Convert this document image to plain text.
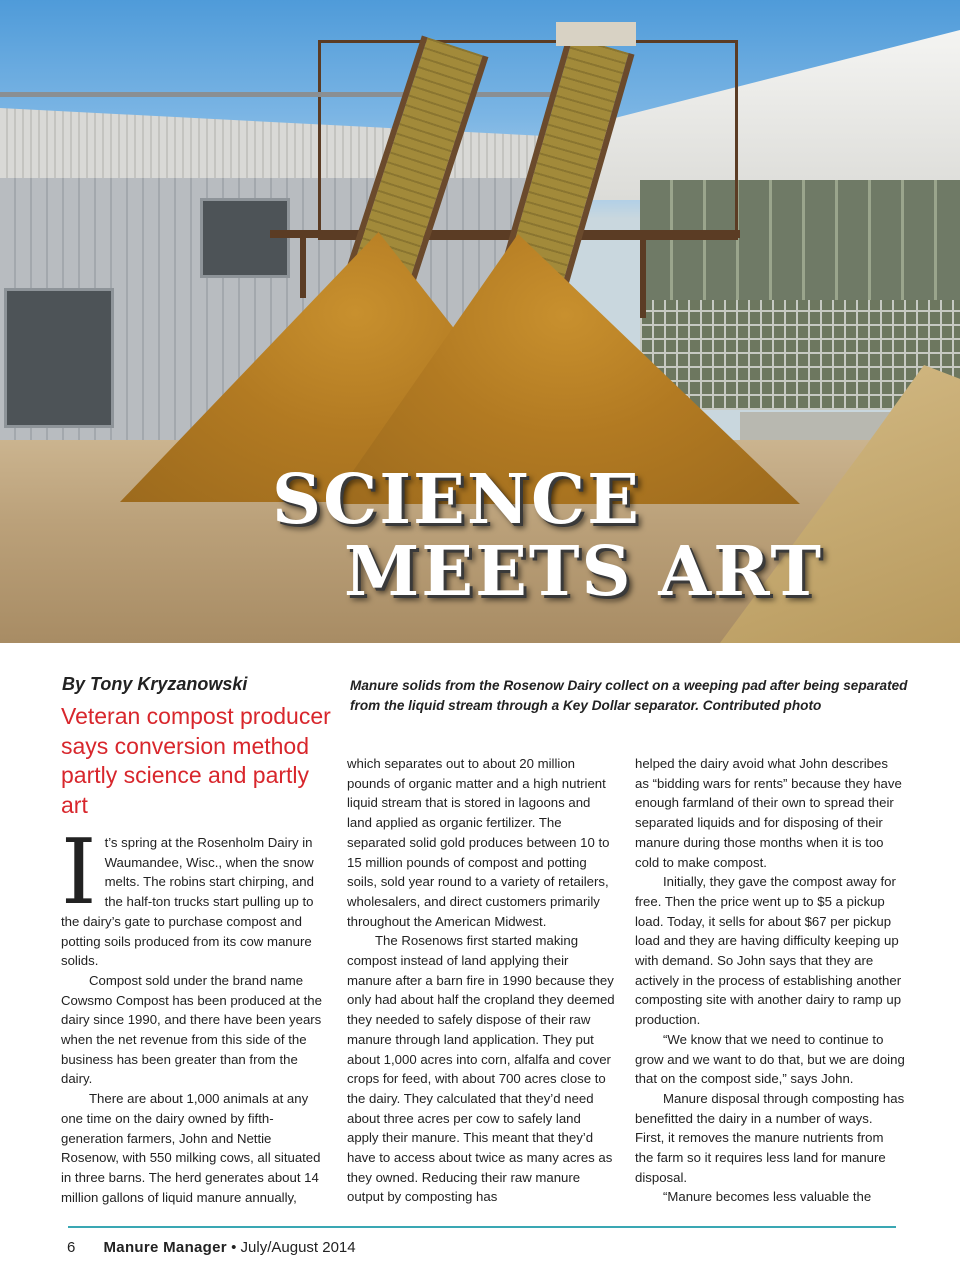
SCIENCE
MEETS ART
By Tony Kryzanowski
Veteran compost producer says conversion method partly science and partly art
Manure solids from the Rosenow Dairy collect on a weeping pad after being separated from the liquid stream through a Key Dollar separator. Contributed photo

It’s spring at the Rosenholm Dairy in Waumandee, Wisc., when the snow melts. The robins start chirping, and the half-ton trucks start pulling up to the dairy’s gate to purchase compost and potting soils produced from its cow manure solids.

Compost sold under the brand name Cowsmo Compost has been produced at the dairy since 1990, and there have been years when the net revenue from this side of the business has been greater than from the dairy.

There are about 1,000 animals at any one time on the dairy owned by fifth-generation farmers, John and Nettie Rosenow, with 550 milking cows, all situated in three barns. The herd generates about 14 million gallons of liquid manure annually,

which separates out to about 20 million pounds of organic matter and a high nutrient liquid stream that is stored in lagoons and land applied as organic fertilizer. The separated solid gold produces between 10 to 15 million pounds of compost and potting soils, sold year round to a variety of retailers, wholesalers, and direct customers primarily throughout the American Midwest.

The Rosenows first started making compost instead of land applying their manure after a barn fire in 1990 because they only had about half the cropland they deemed they needed to safely dispose of their raw manure through land application. They put about 1,000 acres into corn, alfalfa and cover crops for feed, with about 700 acres close to the dairy. They calculated that they’d need about three acres per cow to safely land apply their manure. This meant that they’d have to access about twice as many acres as they owned. Reducing their raw manure output by composting has

helped the dairy avoid what John describes as “bidding wars for rents” because they have enough farmland of their own to spread their separated liquids and for disposing of their manure during those months when it is too cold to make compost.

Initially, they gave the compost away for free. Then the price went up to $5 a pickup load. Today, it sells for about $67 per pickup load and they are having difficulty keeping up with demand. So John says that they are actively in the process of establishing another composting site with another dairy to ramp up production.

“We know that we need to continue to grow and we want to do that, but we are doing that on the compost side,” says John.

Manure disposal through composting has benefitted the dairy in a number of ways. First, it removes the manure nutrients from the farm so it requires less land for manure disposal.

“Manure becomes less valuable the

6 Manure Manager • July/August 2014
